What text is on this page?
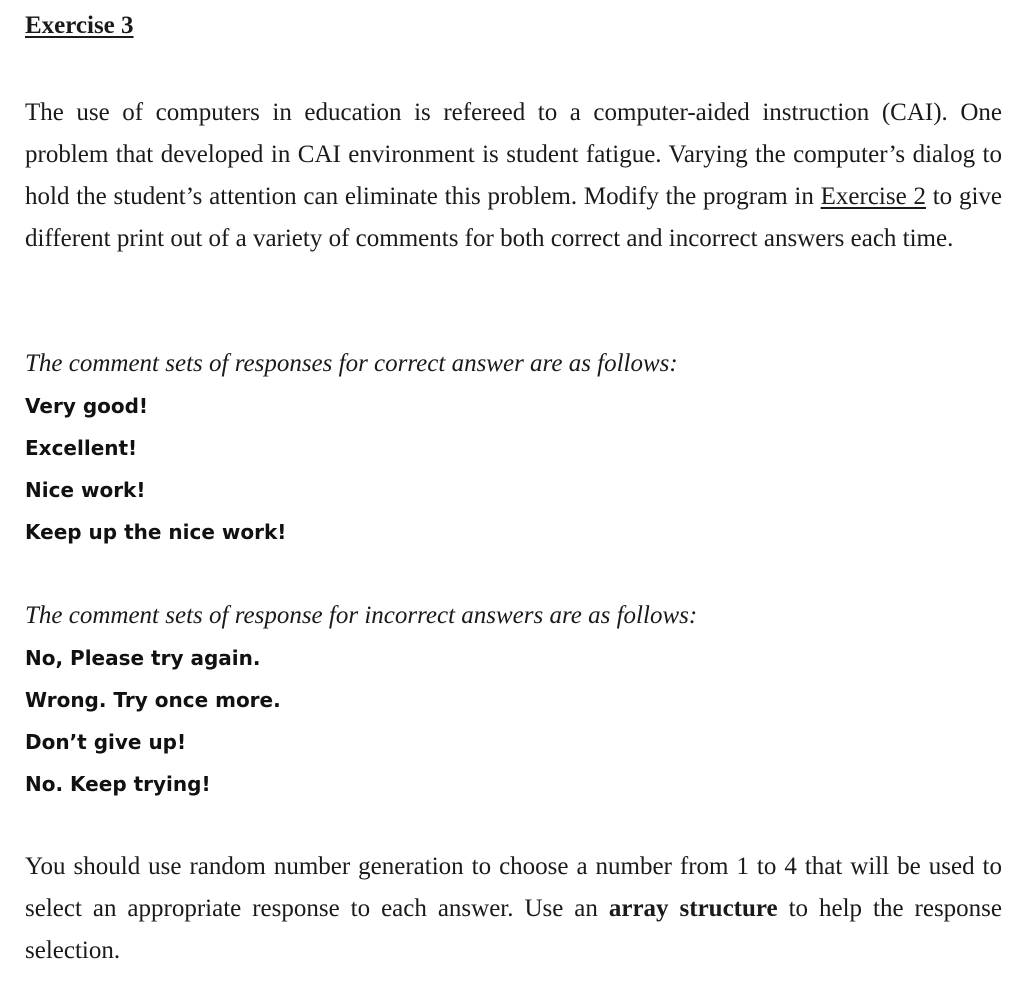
Exercise 3

The use of computers in education is refereed to a computer-aided instruction (CAI). One problem that developed in CAI environment is student fatigue. Varying the computer’s dialog to hold the student’s attention can eliminate this problem. Modify the program in Exercise 2 to give different print out of a variety of comments for both correct and incorrect answers each time.

The comment sets of responses for correct answer are as follows:
Very good!
Excellent!
Nice work!
Keep up the nice work!
The comment sets of response for incorrect answers are as follows:
No, Please try again.
Wrong. Try once more.
Don’t give up!
No. Keep trying!

You should use random number generation to choose a number from 1 to 4 that will be used to select an appropriate response to each answer. Use an array structure to help the response selection.
